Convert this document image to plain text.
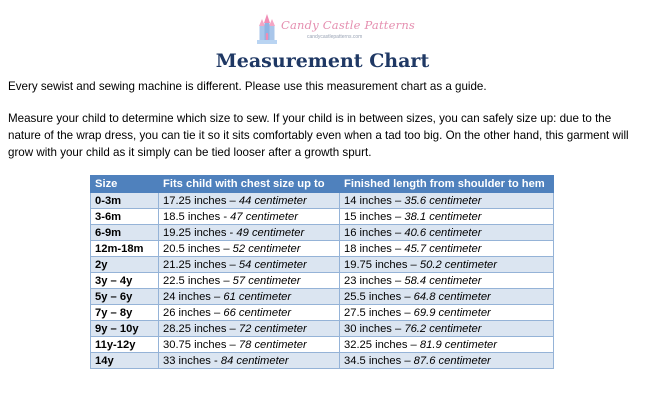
Candy Castle Patterns
candycastlepatterns.com
Measurement Chart

Every sewist and sewing machine is different. Please use this measurement chart as a guide.

Measure your child to determine which size to sew. If your child is in between sizes, you can safely size up: due to the nature of the wrap dress, you can tie it so it sits comfortably even when a tad too big. On the other hand, this garment will grow with your child as it simply can be tied looser after a growth spurt.

Size	Fits child with chest size up to	Finished length from shoulder to hem
0-3m	17.25 inches – 44 centimeter	14 inches – 35.6 centimeter
3-6m	18.5 inches - 47 centimeter	15 inches – 38.1 centimeter
6-9m	19.25 inches - 49 centimeter	16 inches – 40.6 centimeter
12m-18m	20.5 inches – 52 centimeter	18 inches – 45.7 centimeter
2y	21.25 inches – 54 centimeter	19.75 inches – 50.2 centimeter
3y – 4y	22.5 inches – 57 centimeter	23 inches – 58.4 centimeter
5y – 6y	24 inches – 61 centimeter	25.5 inches – 64.8 centimeter
7y – 8y	26 inches – 66 centimeter	27.5 inches – 69.9 centimeter
9y – 10y	28.25 inches – 72 centimeter	30 inches – 76.2 centimeter
11y-12y	30.75 inches – 78 centimeter	32.25 inches – 81.9 centimeter
14y	33 inches - 84 centimeter	34.5 inches – 87.6 centimeter
